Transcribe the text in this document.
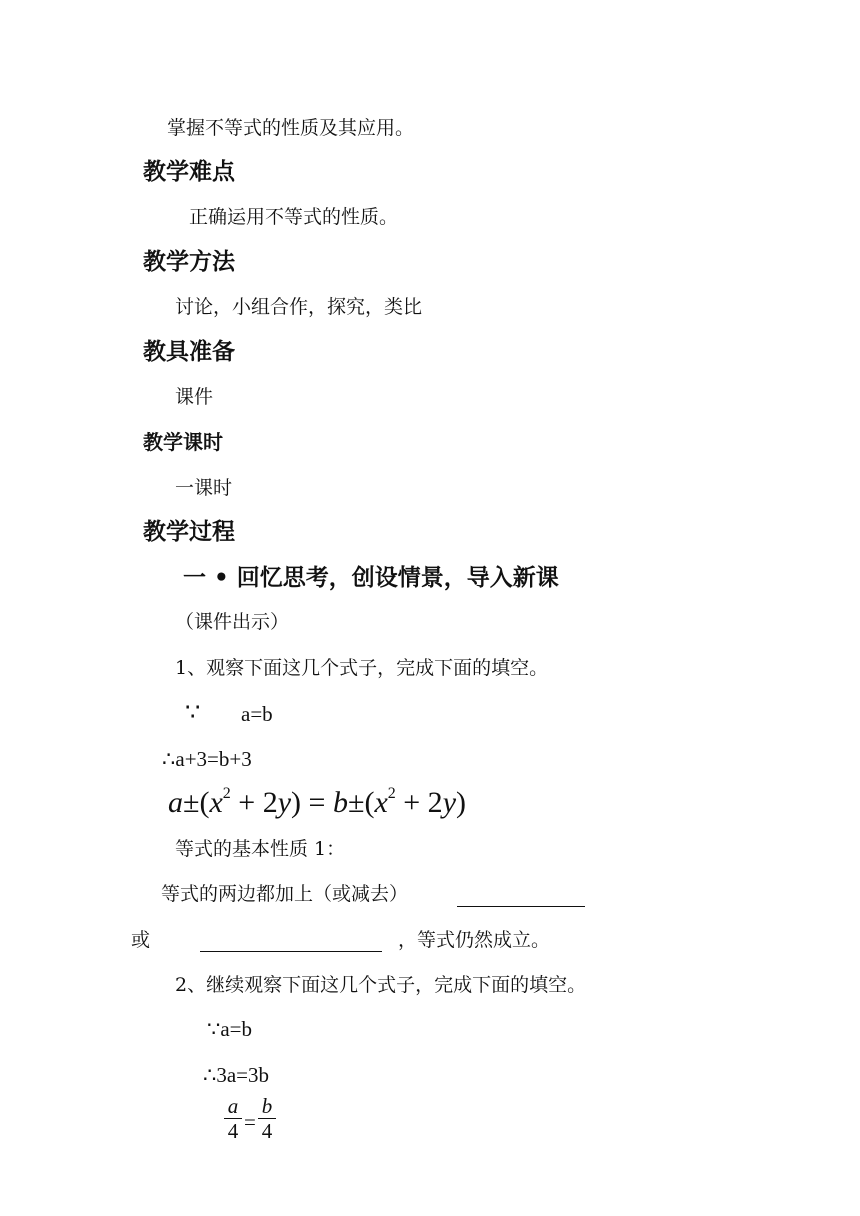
掌握不等式的性质及其应用。
教学难点
正确运用不等式的性质。
教学方法
讨论，小组合作，探究，类比
教具准备
课件
教学课时
一课时
教学过程
一 • 回忆思考，创设情景，导入新课
（课件出示）
1、观察下面这几个式子，完成下面的填空。
∵ a=b
∴a+3=b+3
$a\pm(x^2 + 2y) = b\pm(x^2 + 2y)$
等式的基本性质 1：
等式的两边都加上（或减去）
或	，等式仍然成立。
2、继续观察下面这几个式子，完成下面的填空。
∵a=b
∴3a=3b
a
4 =
b
4
